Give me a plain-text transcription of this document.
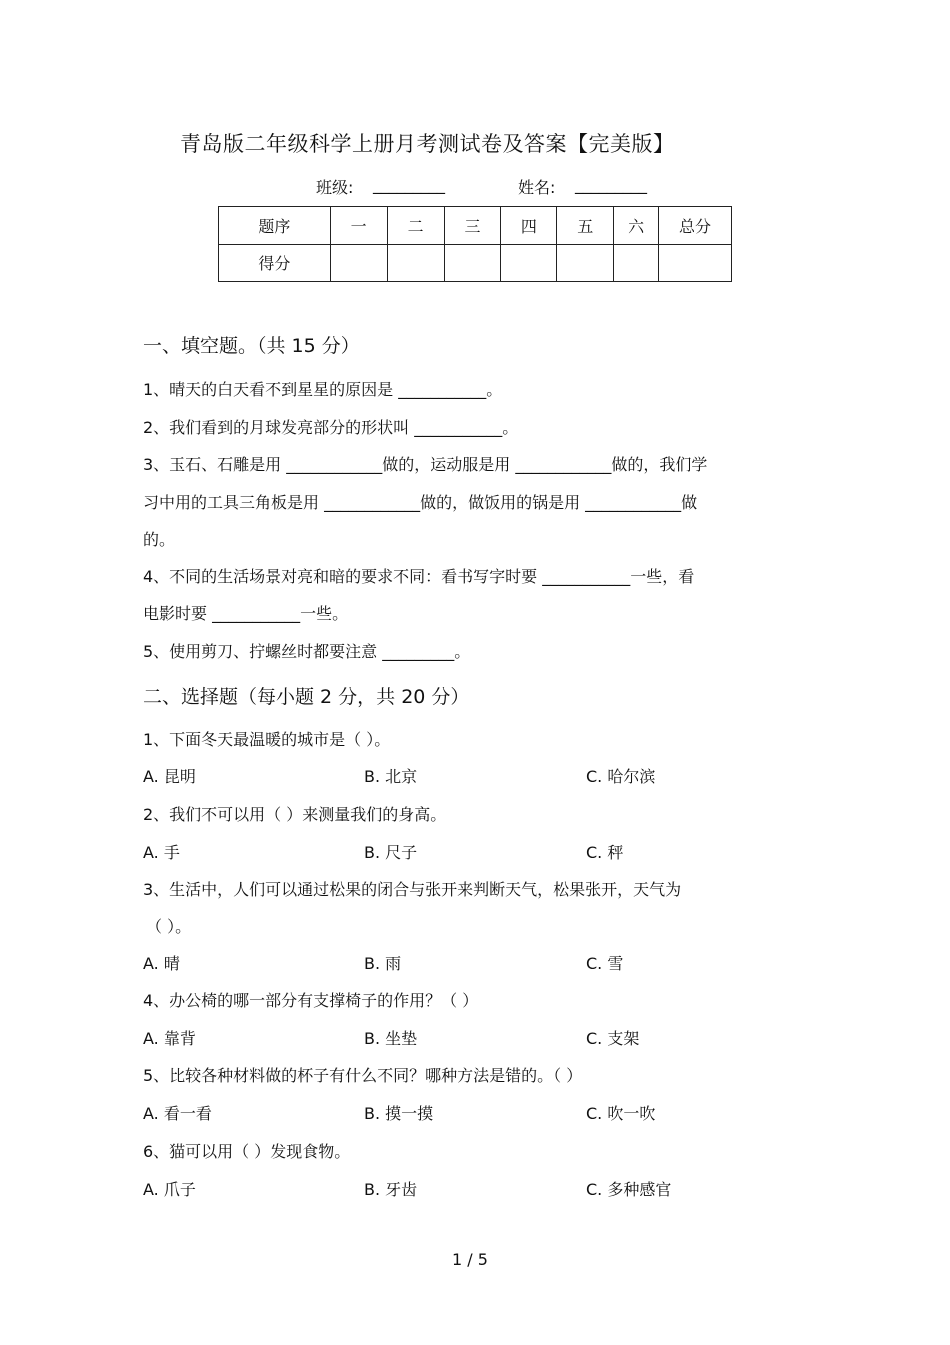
青岛版二年级科学上册月考测试卷及答案【完美版】
班级: _________	姓名: _________
题序	一	二	三	四	五	六	总分
得分							
一、填空题。（共 15 分）
1、晴天的白天看不到星星的原因是 ___________。
2、我们看到的月球发亮部分的形状叫 ___________。
3、玉石、石雕是用 ____________做的，运动服是用 ____________做的，我们学
习中用的工具三角板是用 ____________做的，做饭用的锅是用 ____________做
的。
4、不同的生活场景对亮和暗的要求不同：看书写字时要 ___________一些，看
电影时要 ___________一些。
5、使用剪刀、拧螺丝时都要注意 _________。
二、选择题（每小题 2 分，共 20 分）
1、下面冬天最温暖的城市是（ ）。
A. 昆明	B. 北京	C. 哈尔滨
2、我们不可以用（ ）来测量我们的身高。
A. 手	B. 尺子	C. 秤
3、生活中，人们可以通过松果的闭合与张开来判断天气，松果张开，天气为
（ ）。
A. 晴	B. 雨	C. 雪
4、办公椅的哪一部分有支撑椅子的作用？（ ）
A. 靠背	B. 坐垫	C. 支架
5、比较各种材料做的杯子有什么不同？哪种方法是错的。（ ）
A. 看一看	B. 摸一摸	C. 吹一吹
6、猫可以用（ ）发现食物。
A. 爪子	B. 牙齿	C. 多种感官
1 / 5
